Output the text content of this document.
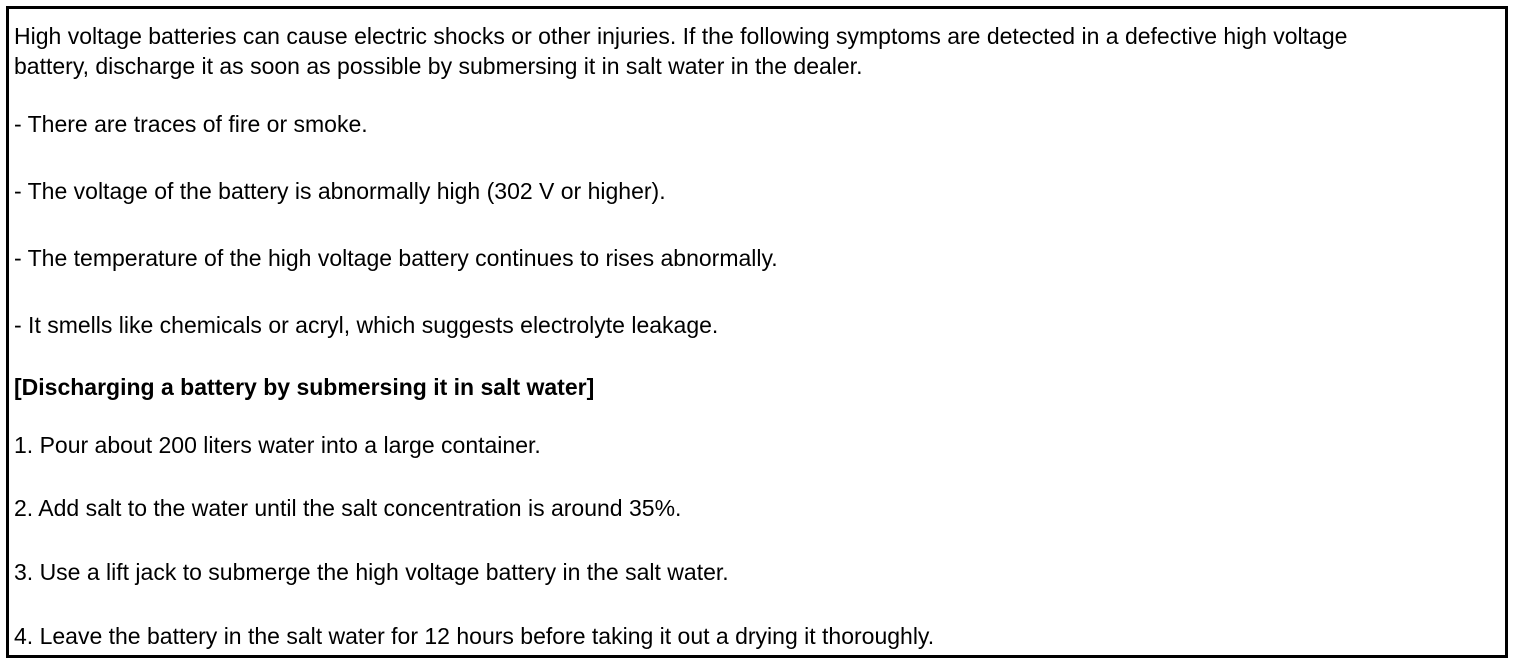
High voltage batteries can cause electric shocks or other injuries. If the following symptoms are detected in a defective high voltage
battery, discharge it as soon as possible by submersing it in salt water in the dealer.
- There are traces of fire or smoke.
- The voltage of the battery is abnormally high (302 V or higher).
- The temperature of the high voltage battery continues to rises abnormally.
- It smells like chemicals or acryl, which suggests electrolyte leakage.
[Discharging a battery by submersing it in salt water]
1. Pour about 200 liters water into a large container.
2. Add salt to the water until the salt concentration is around 35%.
3. Use a lift jack to submerge the high voltage battery in the salt water.
4. Leave the battery in the salt water for 12 hours before taking it out a drying it thoroughly.
